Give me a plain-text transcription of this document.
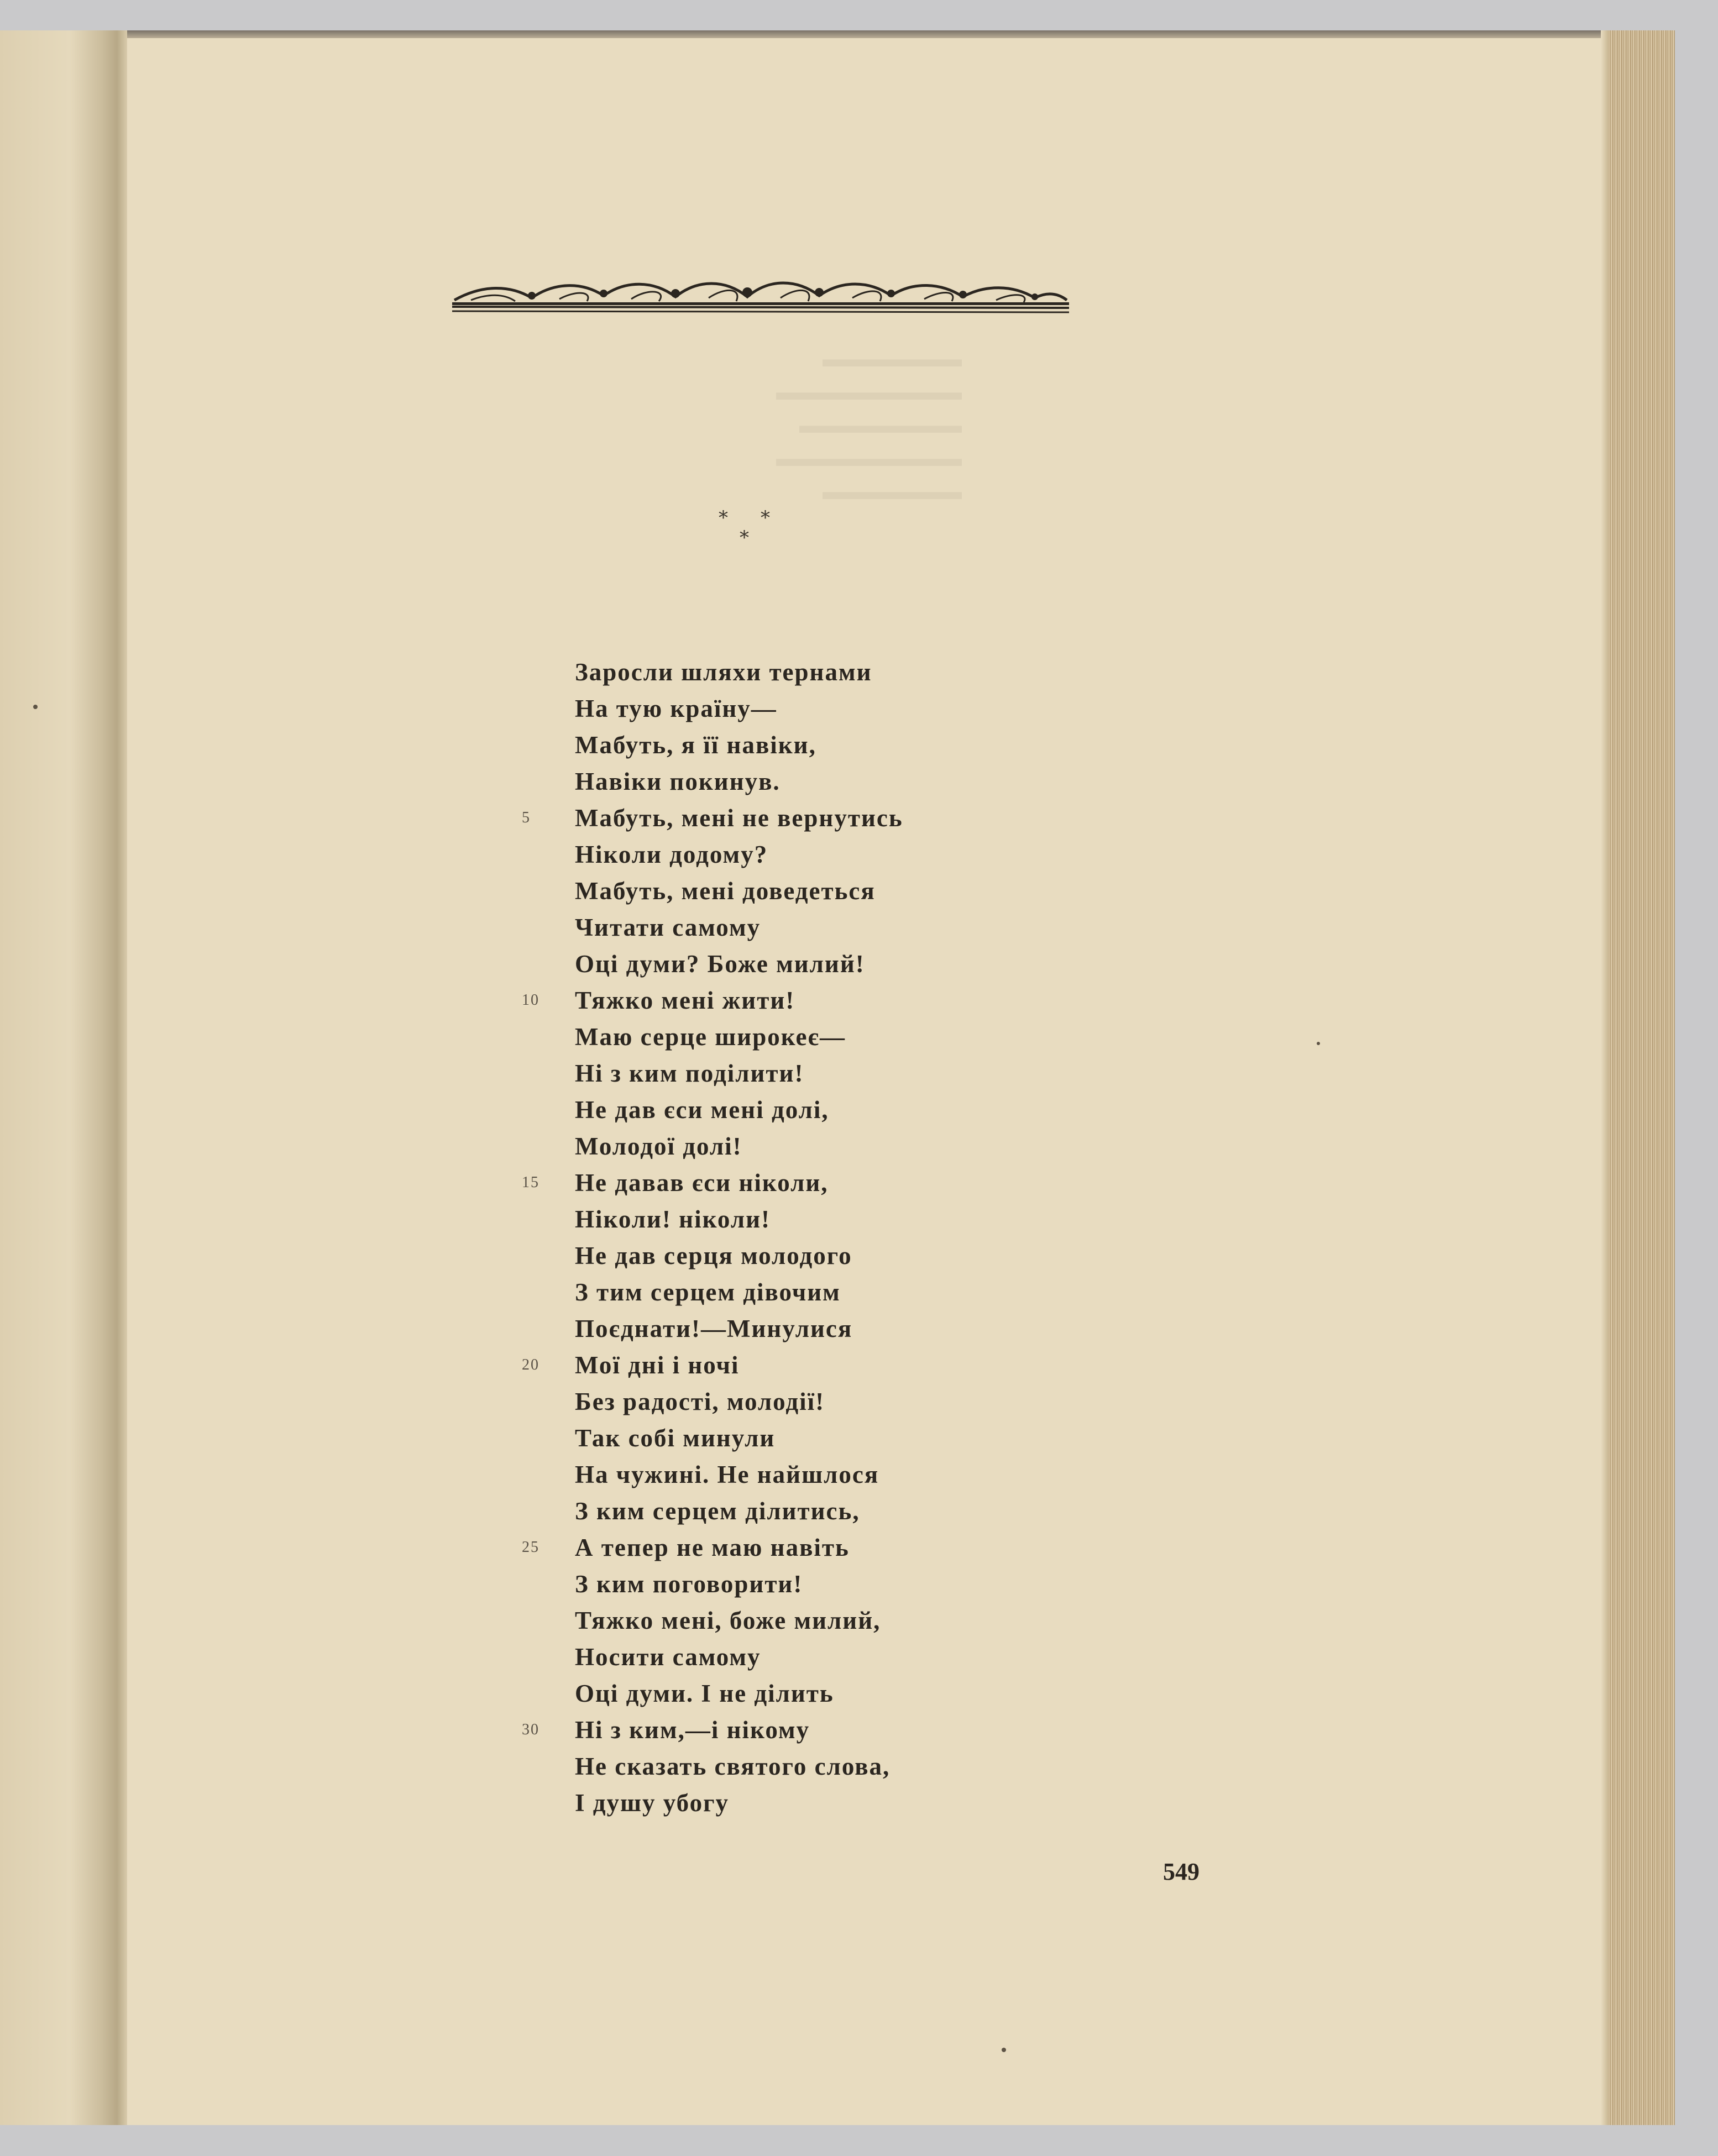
▬▬▬▬▬▬
▬▬▬▬▬▬▬▬
▬▬▬▬▬▬▬
▬▬▬▬▬▬▬▬
▬▬▬▬▬▬
* *
*
Заросли шляхи тернами
На тую країну—
Мабуть, я її навіки,
Навіки покинув.
5	Мабуть, мені не вернутись
Ніколи додому?
Мабуть, мені доведеться
Читати самому
Оці думи? Боже милий!
10	Тяжко мені жити!
Маю серце широкеє—
Ні з ким поділити!
Не дав єси мені долі,
Молодої долі!
15	Не давав єси ніколи,
Ніколи! ніколи!
Не дав серця молодого
З тим серцем дівочим
Поєднати!—Минулися
20	Мої дні і ночі
Без радості, молодії!
Так собі минули
На чужині. Не найшлося
З ким серцем ділитись,
25	А тепер не маю навіть
З ким поговорити!
Тяжко мені, боже милий,
Носити самому
Оці думи. І не ділить
30	Ні з ким,—і нікому
Не сказать святого слова,
І душу убогу
549
